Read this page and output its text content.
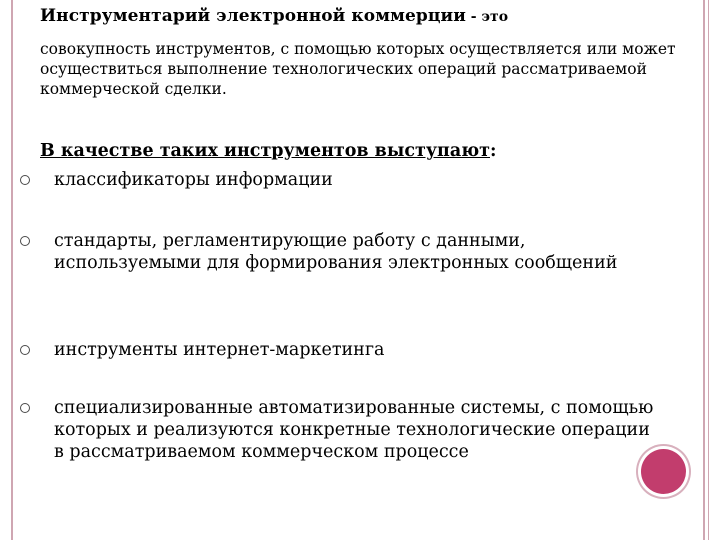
Инструментарий электронной коммерции - это
совокупность инструментов, с помощью которых осуществляется или может осуществиться выполнение технологических операций рассматриваемой коммерческой сделки.
В качестве таких инструментов выступают:
классификаторы информации
стандарты, регламентирующие работу с данными, используемыми для формирования электронных сообщений
инструменты интернет-маркетинга
специализированные автоматизированные системы, с помощью которых и реализуются конкретные технологические операции в рассматриваемом коммерческом процессе
